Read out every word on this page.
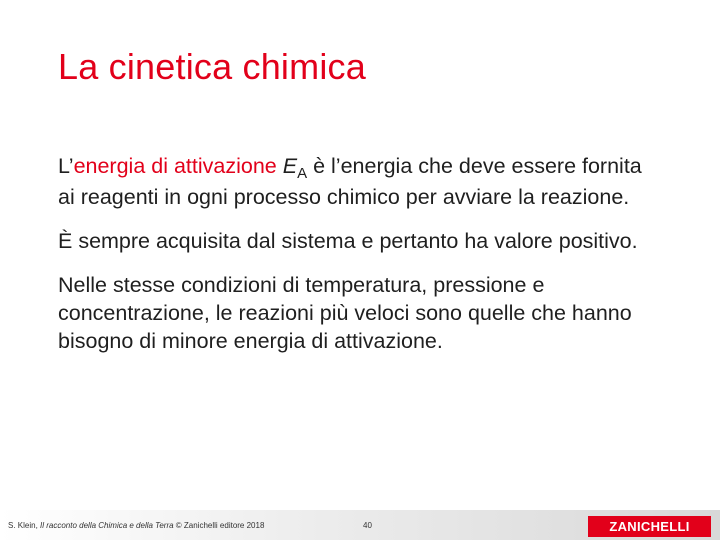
La cinetica chimica

L’energia di attivazione $E_A$ è l’energia che deve essere fornita ai reagenti in ogni processo chimico per avviare la reazione.

È sempre acquisita dal sistema e pertanto ha valore positivo.

Nelle stesse condizioni di temperatura, pressione e concentrazione, le reazioni più veloci sono quelle che hanno bisogno di minore energia di attivazione.

S. Klein, Il racconto della Chimica e della Terra © Zanichelli editore 2018	40	ZANICHELLI
